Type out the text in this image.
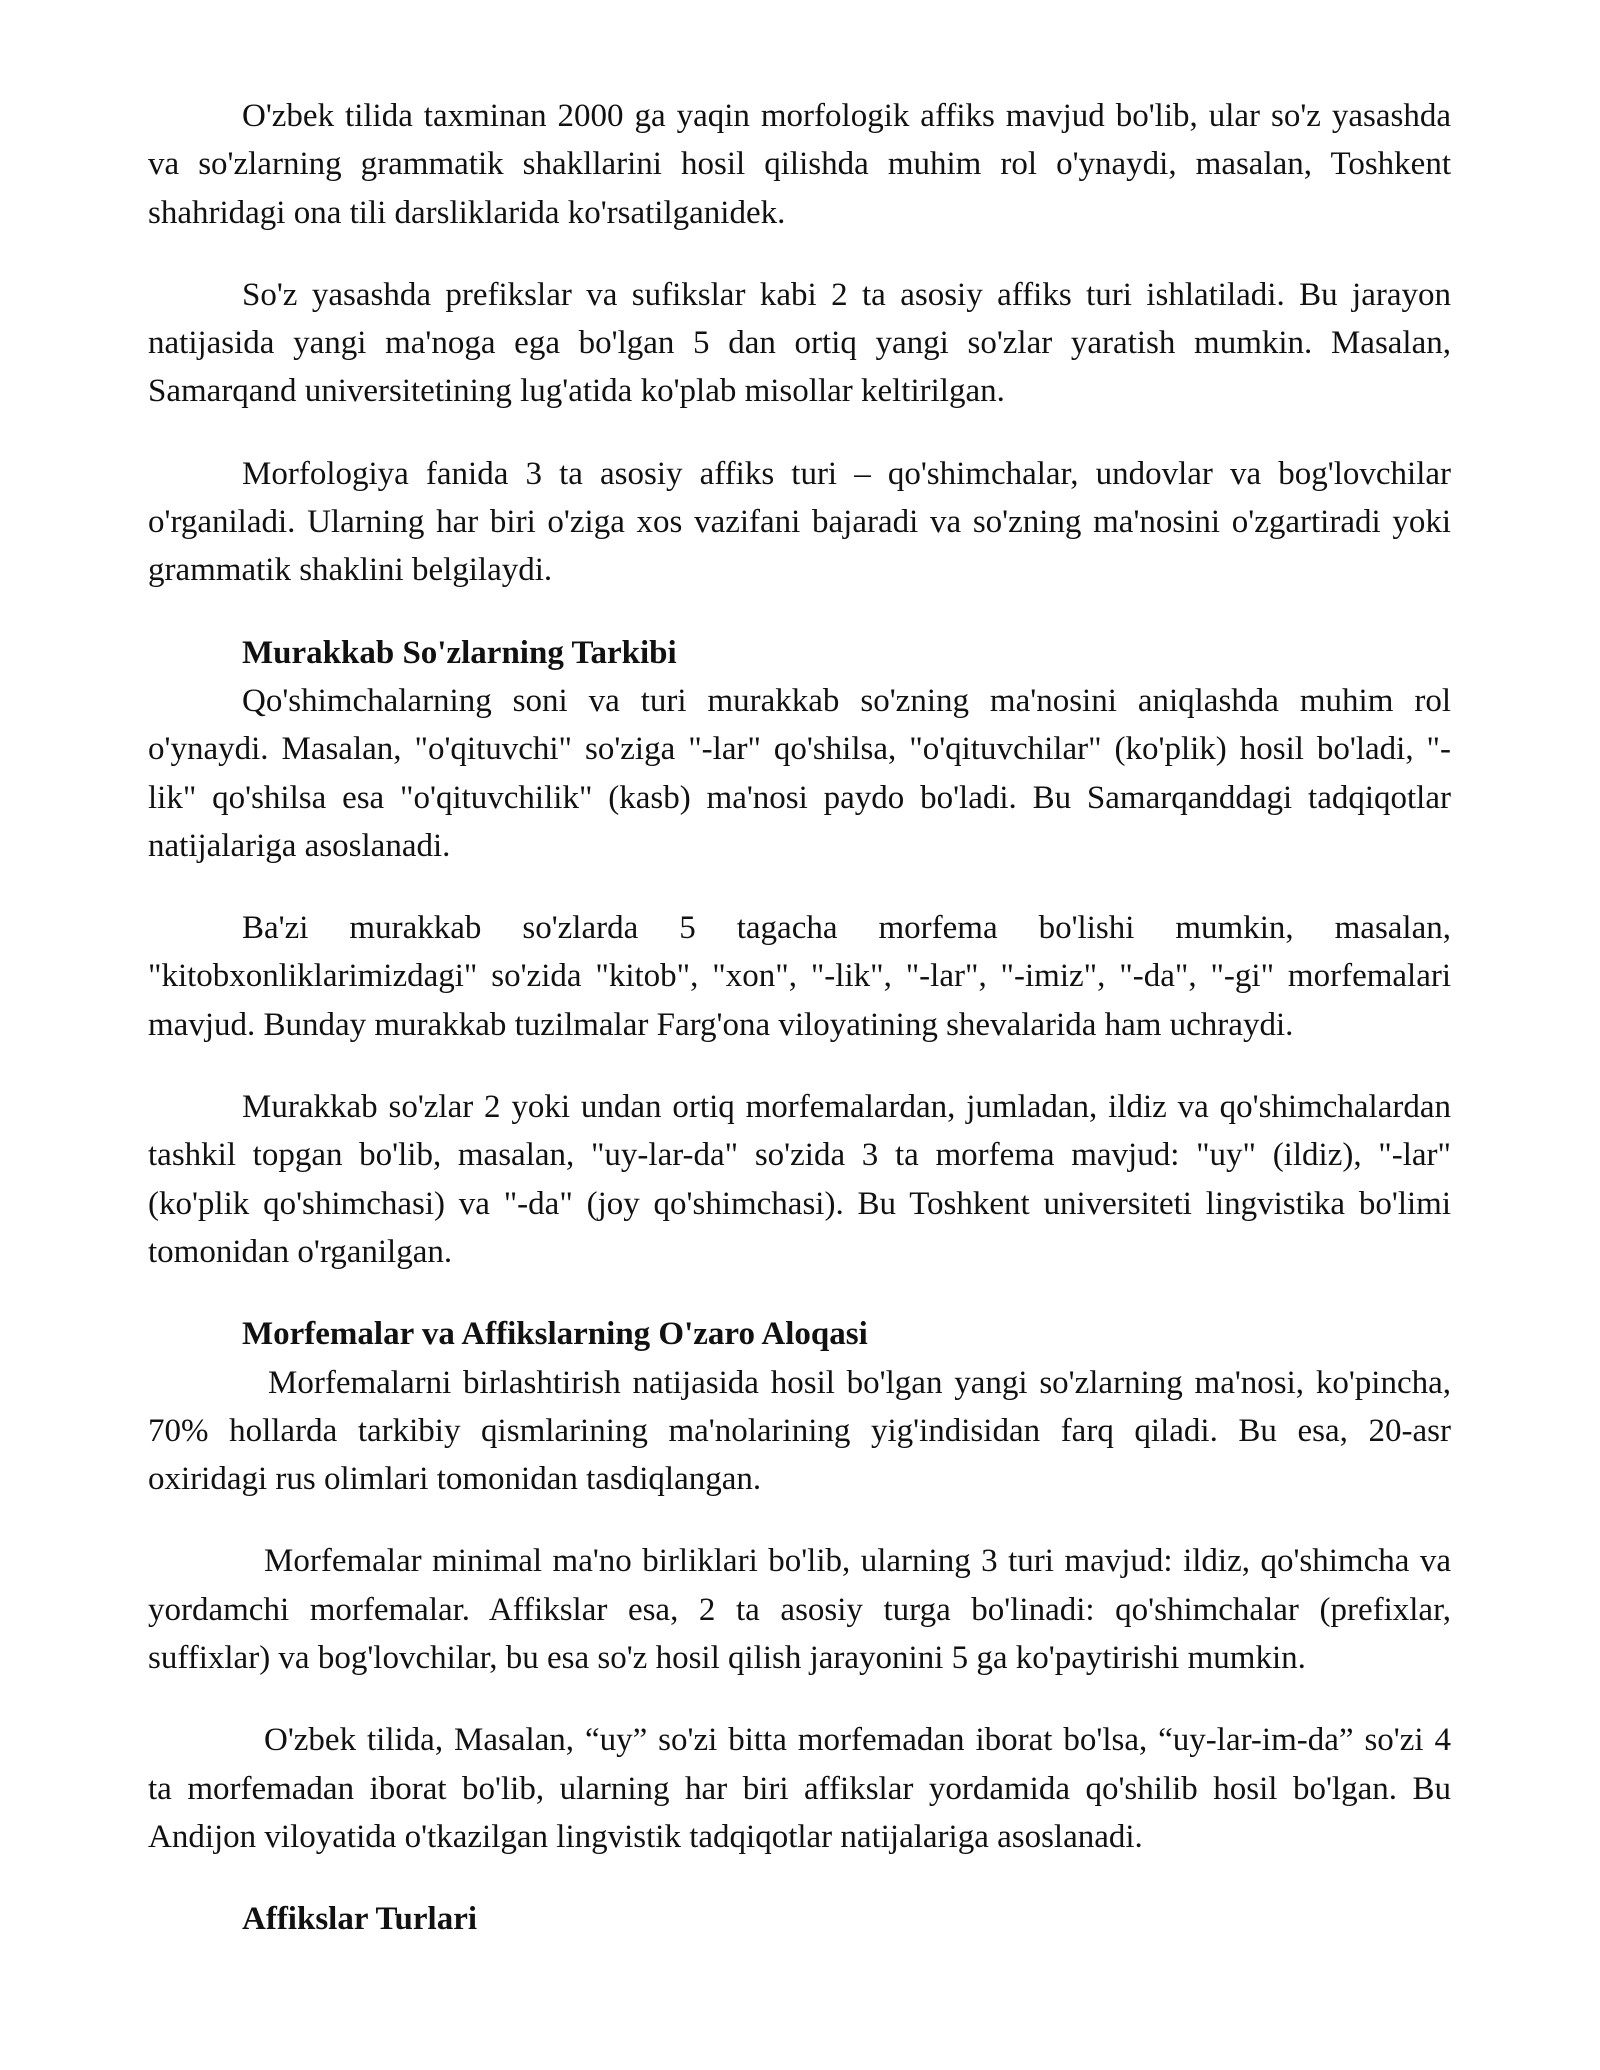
O'zbek tilida taxminan 2000 ga yaqin morfologik affiks mavjud bo'lib, ular so'z yasashda va so'zlarning grammatik shakllarini hosil qilishda muhim rol o'ynaydi, masalan, Toshkent shahridagi ona tili darsliklarida ko'rsatilganidek.

So'z yasashda prefikslar va sufikslar kabi 2 ta asosiy affiks turi ishlatiladi. Bu jarayon natijasida yangi ma'noga ega bo'lgan 5 dan ortiq yangi so'zlar yaratish mumkin. Masalan, Samarqand universitetining lug'atida ko'plab misollar keltirilgan.

Morfologiya fanida 3 ta asosiy affiks turi – qo'shimchalar, undovlar va bog'lovchilar o'rganiladi. Ularning har biri o'ziga xos vazifani bajaradi va so'zning ma'nosini o'zgartiradi yoki grammatik shaklini belgilaydi.

Murakkab So'zlarning Tarkibi

Qo'shimchalarning soni va turi murakkab so'zning ma'nosini aniqlashda muhim rol o'ynaydi. Masalan, "o'qituvchi" so'ziga "-lar" qo'shilsa, "o'qituvchilar" (ko'plik) hosil bo'ladi, "-lik" qo'shilsa esa "o'qituvchilik" (kasb) ma'nosi paydo bo'ladi. Bu Samarqanddagi tadqiqotlar natijalariga asoslanadi.

Ba'zi murakkab so'zlarda 5 tagacha morfema bo'lishi mumkin, masalan, "kitobxonliklarimizdagi" so'zida "kitob", "xon", "-lik", "-lar", "-imiz", "-da", "-gi" morfemalari mavjud. Bunday murakkab tuzilmalar Farg'ona viloyatining shevalarida ham uchraydi.

Murakkab so'zlar 2 yoki undan ortiq morfemalardan, jumladan, ildiz va qo'shimchalardan tashkil topgan bo'lib, masalan, "uy-lar-da" so'zida 3 ta morfema mavjud: "uy" (ildiz), "-lar" (ko'plik qo'shimchasi) va "-da" (joy qo'shimchasi). Bu Toshkent universiteti lingvistika bo'limi tomonidan o'rganilgan.

Morfemalar va Affikslarning O'zaro Aloqasi

Morfemalarni birlashtirish natijasida hosil bo'lgan yangi so'zlarning ma'nosi, ko'pincha, 70% hollarda tarkibiy qismlarining ma'nolarining yig'indisidan farq qiladi. Bu esa, 20-asr oxiridagi rus olimlari tomonidan tasdiqlangan.

Morfemalar minimal ma'no birliklari bo'lib, ularning 3 turi mavjud: ildiz, qo'shimcha va yordamchi morfemalar. Affikslar esa, 2 ta asosiy turga bo'linadi: qo'shimchalar (prefixlar, suffixlar) va bog'lovchilar, bu esa so'z hosil qilish jarayonini 5 ga ko'paytirishi mumkin.

O'zbek tilida, Masalan, “uy” so'zi bitta morfemadan iborat bo'lsa, “uy-lar-im-da” so'zi 4 ta morfemadan iborat bo'lib, ularning har biri affikslar yordamida qo'shilib hosil bo'lgan. Bu Andijon viloyatida o'tkazilgan lingvistik tadqiqotlar natijalariga asoslanadi.

Affikslar Turlari
